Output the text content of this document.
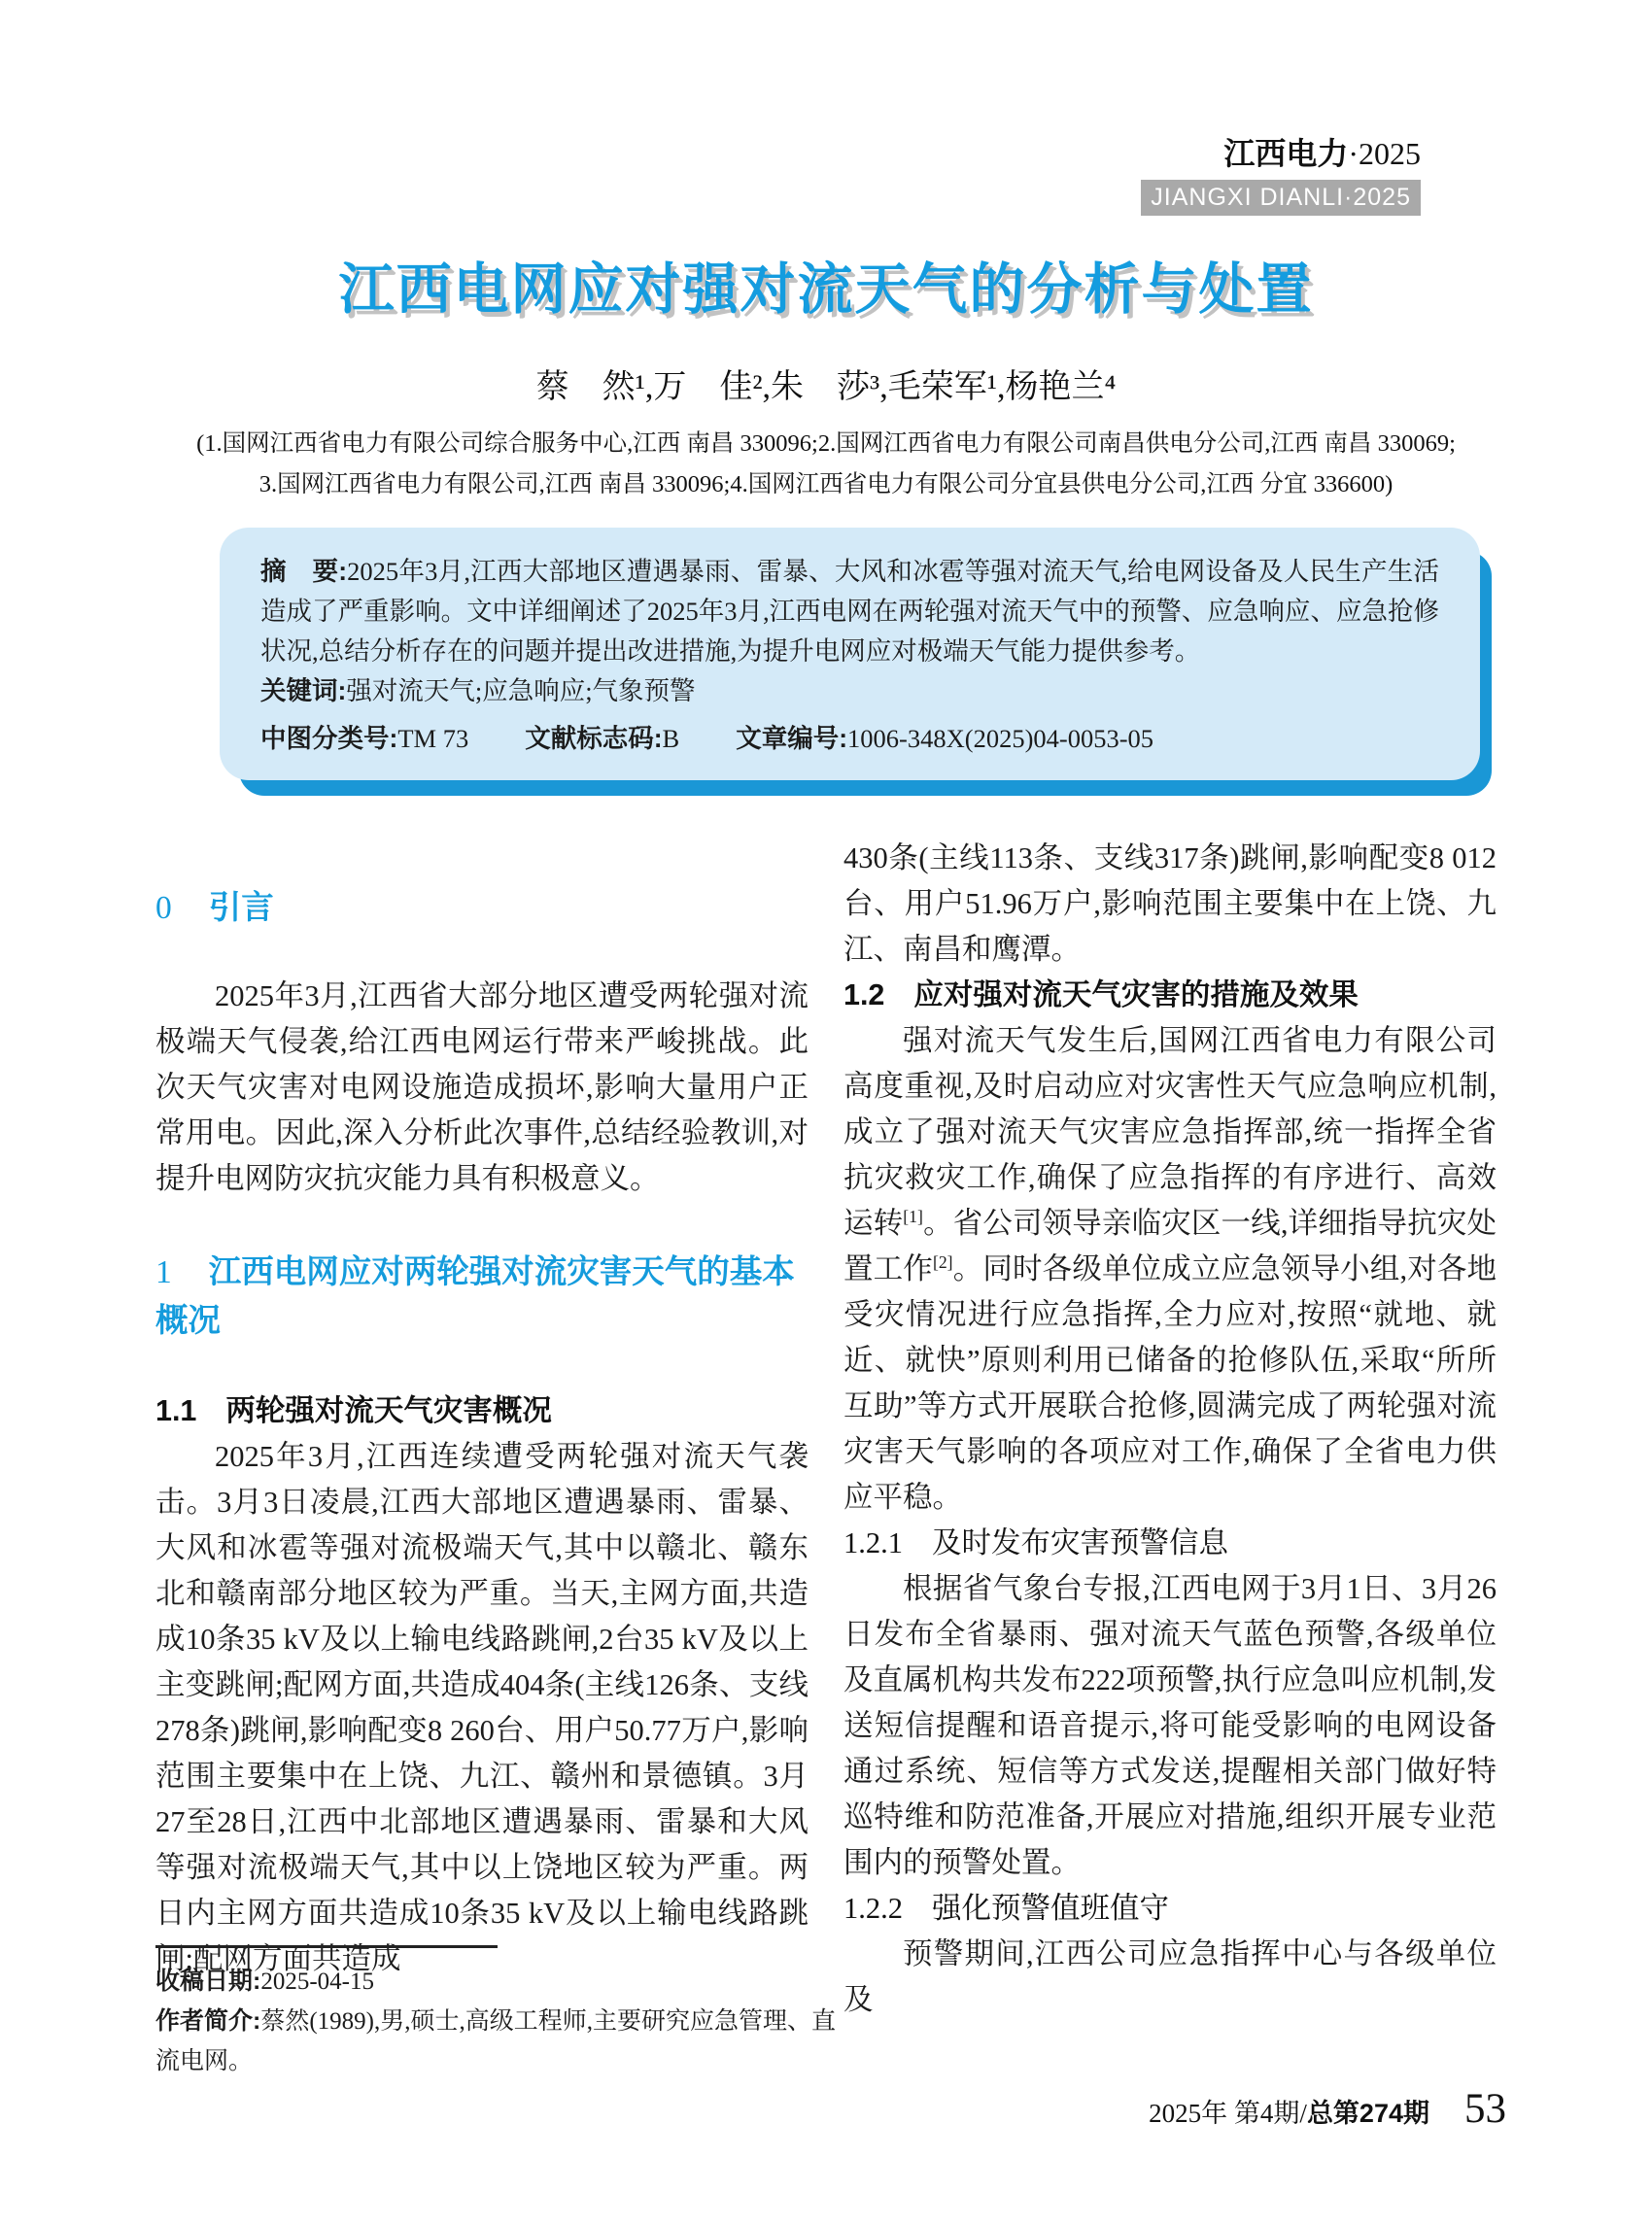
江西电力·2025
JIANGXI DIANLI·2025
江西电网应对强对流天气的分析与处置
蔡　然¹,万　佳²,朱　莎³,毛荣军¹,杨艳兰⁴
(1.国网江西省电力有限公司综合服务中心,江西 南昌 330096;2.国网江西省电力有限公司南昌供电分公司,江西 南昌 330069;
3.国网江西省电力有限公司,江西 南昌 330096;4.国网江西省电力有限公司分宜县供电分公司,江西 分宜 336600)

摘　要:2025年3月,江西大部地区遭遇暴雨、雷暴、大风和冰雹等强对流天气,给电网设备及人民生产生活造成了严重影响。文中详细阐述了2025年3月,江西电网在两轮强对流天气中的预警、应急响应、应急抢修状况,总结分析存在的问题并提出改进措施,为提升电网应对极端天气能力提供参考。

关键词:强对流天气;应急响应;气象预警

中图分类号:TM 73 文献标志码:B 文章编号:1006-348X(2025)04-0053-05

0 引言
2025年3月,江西省大部分地区遭受两轮强对流极端天气侵袭,给江西电网运行带来严峻挑战。此次天气灾害对电网设施造成损坏,影响大量用户正常用电。因此,深入分析此次事件,总结经验教训,对提升电网防灾抗灾能力具有积极意义。
1 江西电网应对两轮强对流灾害天气的基本概况
1.1 两轮强对流天气灾害概况
2025年3月,江西连续遭受两轮强对流天气袭击。3月3日凌晨,江西大部地区遭遇暴雨、雷暴、大风和冰雹等强对流极端天气,其中以赣北、赣东北和赣南部分地区较为严重。当天,主网方面,共造成10条35 kV及以上输电线路跳闸,2台35 kV及以上主变跳闸;配网方面,共造成404条(主线126条、支线278条)跳闸,影响配变8 260台、用户50.77万户,影响范围主要集中在上饶、九江、赣州和景德镇。3月27至28日,江西中北部地区遭遇暴雨、雷暴和大风等强对流极端天气,其中以上饶地区较为严重。两日内主网方面共造成10条35 kV及以上输电线路跳闸;配网方面共造成
430条(主线113条、支线317条)跳闸,影响配变8 012台、用户51.96万户,影响范围主要集中在上饶、九江、南昌和鹰潭。
1.2 应对强对流天气灾害的措施及效果
强对流天气发生后,国网江西省电力有限公司高度重视,及时启动应对灾害性天气应急响应机制,成立了强对流天气灾害应急指挥部,统一指挥全省抗灾救灾工作,确保了应急指挥的有序进行、高效运转[1]。省公司领导亲临灾区一线,详细指导抗灾处置工作[2]。同时各级单位成立应急领导小组,对各地受灾情况进行应急指挥,全力应对,按照“就地、就近、就快”原则利用已储备的抢修队伍,采取“所所互助”等方式开展联合抢修,圆满完成了两轮强对流灾害天气影响的各项应对工作,确保了全省电力供应平稳。
1.2.1 及时发布灾害预警信息
根据省气象台专报,江西电网于3月1日、3月26日发布全省暴雨、强对流天气蓝色预警,各级单位及直属机构共发布222项预警,执行应急叫应机制,发送短信提醒和语音提示,将可能受影响的电网设备通过系统、短信等方式发送,提醒相关部门做好特巡特维和防范准备,开展应对措施,组织开展专业范围内的预警处置。
1.2.2 强化预警值班值守
预警期间,江西公司应急指挥中心与各级单位及

收稿日期:2025-04-15

作者简介:蔡然(1989),男,硕士,高级工程师,主要研究应急管理、直流电网。

2025年 第4期/总第274期 53
